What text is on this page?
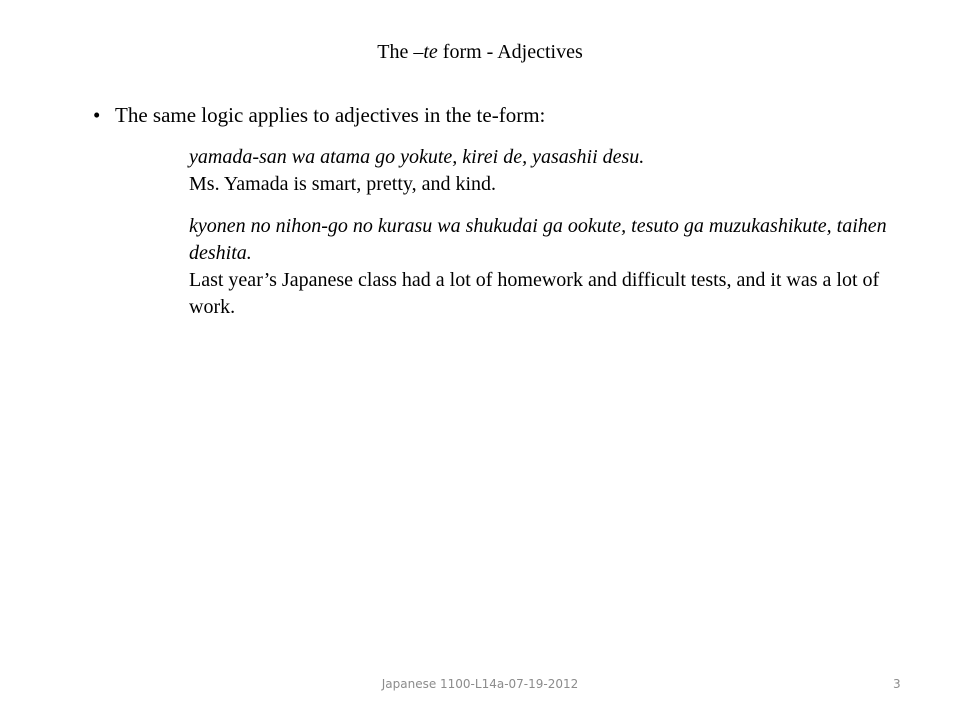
The –te form - Adjectives
• The same logic applies to adjectives in the te-form:
yamada-san wa atama go yokute, kirei de, yasashii desu.
Ms. Yamada is smart, pretty, and kind.
kyonen no nihon-go no kurasu wa shukudai ga ookute, tesuto ga muzukashikute, taihen deshita.
Last year’s Japanese class had a lot of homework and difficult tests, and it was a lot of work.
Japanese 1100-L14a-07-19-2012	3
